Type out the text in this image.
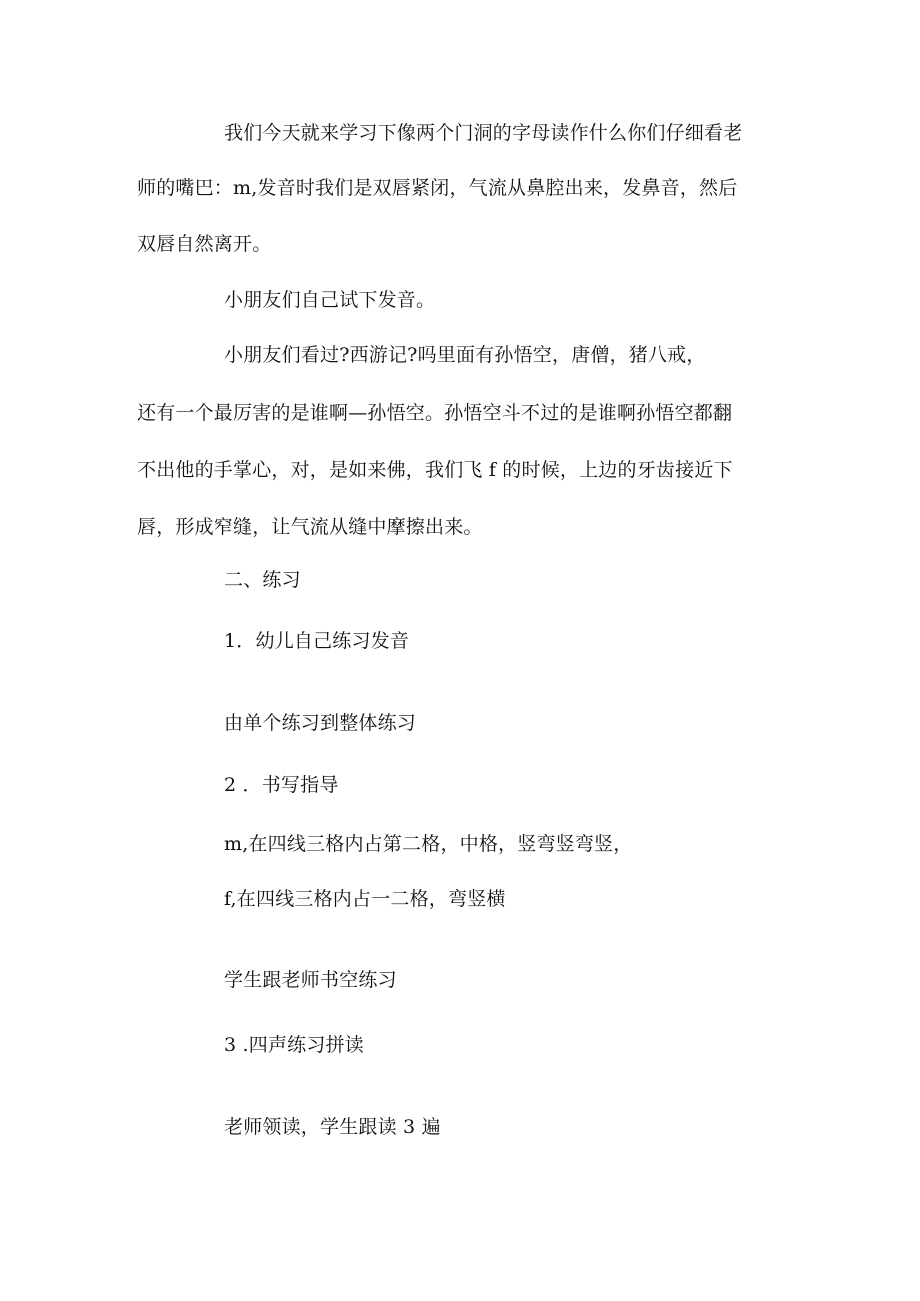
我们今天就来学习下像两个门洞的字母读作什么你们仔细看老
师的嘴巴：m,发音时我们是双唇紧闭，气流从鼻腔出来，发鼻音，然后
双唇自然离开。
小朋友们自己试下发音。
小朋友们看过?西游记?吗里面有孙悟空，唐僧，猪八戒，
还有一个最厉害的是谁啊—孙悟空。孙悟空斗不过的是谁啊孙悟空都翻
不出他的手掌心，对，是如来佛，我们飞 f 的时候，上边的牙齿接近下
唇，形成窄缝，让气流从缝中摩擦出来。
二、练习
1．幼儿自己练习发音
由单个练习到整体练习
2 ．书写指导
m,在四线三格内占第二格，中格，竖弯竖弯竖，
f,在四线三格内占一二格，弯竖横
学生跟老师书空练习
3 .四声练习拼读
老师领读，学生跟读 3 遍
